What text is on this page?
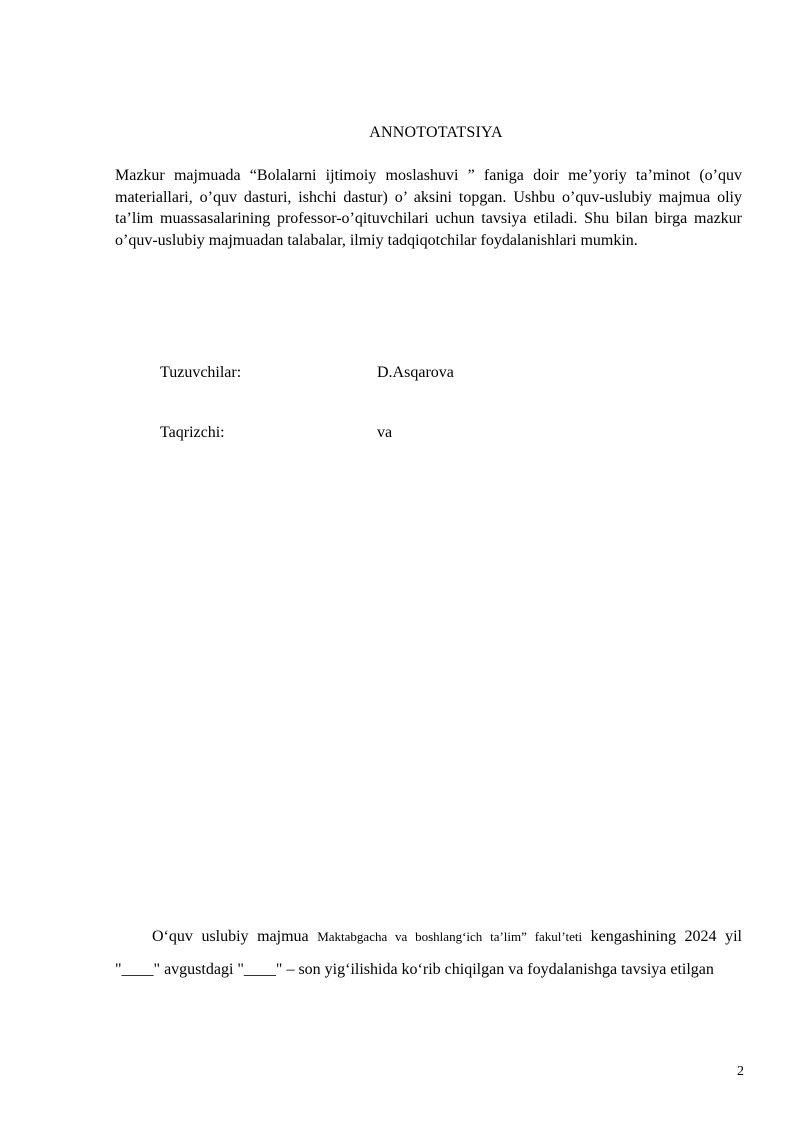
ANNOTOTATSIYA

Mazkur majmuada “Bolalarni ijtimoiy moslashuvi ” faniga doir me’yoriy ta’minot (o’quv materiallari, o’quv dasturi, ishchi dastur) o’ aksini topgan. Ushbu o’quv-uslubiy majmua oliy ta’lim muassasalarining professor-o’qituvchilari uchun tavsiya etiladi. Shu bilan birga mazkur o’quv-uslubiy majmuadan talabalar, ilmiy tadqiqotchilar foydalanishlari mumkin.

Tuzuvchilar:	D.Asqarova
Taqrizchi:	va

O‘quv uslubiy majmua Maktabgacha va boshlang‘ich ta’lim” fakul’teti kengashining 2024 yil "____" avgustdagi "____" – son yig‘ilishida ko‘rib chiqilgan va foydalanishga tavsiya etilgan

2
